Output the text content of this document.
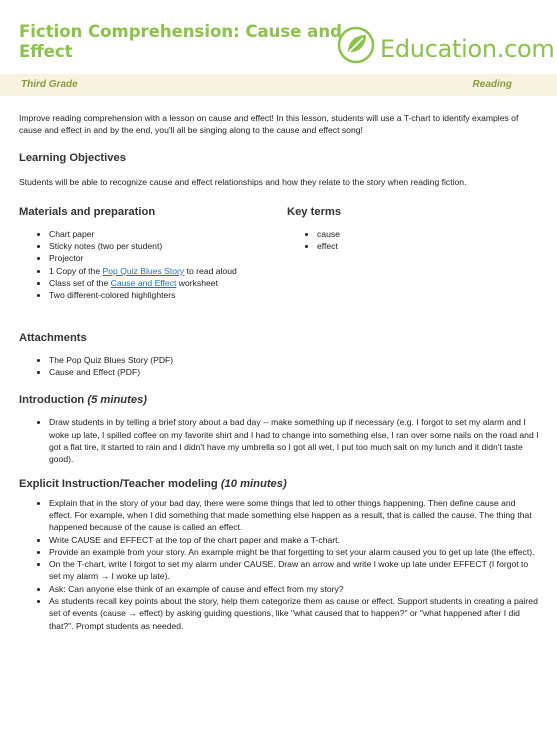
Fiction Comprehension: Cause and Effect	Education.com
Third Grade	Reading

Improve reading comprehension with a lesson on cause and effect! In this lesson, students will use a T-chart to identify examples of cause and effect in and by the end, you'll all be singing along to the cause and effect song!

Learning Objectives

Students will be able to recognize cause and effect relationships and how they relate to the story when reading fiction.

Materials and preparation
• Chart paper
• Sticky notes (two per student)
• Projector
• 1 Copy of the Pop Quiz Blues Story to read aloud
• Class set of the Cause and Effect worksheet
• Two different-colored highlighters
Key terms
• cause
• effect
Attachments
• The Pop Quiz Blues Story (PDF)
• Cause and Effect (PDF)
Introduction (5 minutes)
• Draw students in by telling a brief story about a bad day -- make something up if necessary (e.g. I forgot to set my alarm and I woke up late, I spilled coffee on my favorite shirt and I had to change into something else, I ran over some nails on the road and I got a flat tire, it started to rain and I didn't have my umbrella so I got all wet, I put too much salt on my lunch and it didn't taste good).
Explicit Instruction/Teacher modeling (10 minutes)
• Explain that in the story of your bad day, there were some things that led to other things happening. Then define cause and effect. For example, when I did something that made something else happen as a result, that is called the cause. The thing that happened because of the cause is called an effect.
• Write CAUSE and EFFECT at the top of the chart paper and make a T-chart.
• Provide an example from your story. An example might be that forgetting to set your alarm caused you to get up late (the effect).
• On the T-chart, write I forgot to set my alarm under CAUSE. Draw an arrow and write I woke up late under EFFECT (I forgot to set my alarm → I woke up late).
• Ask: Can anyone else think of an example of cause and effect from my story?
• As students recall key points about the story, help them categorize them as cause or effect. Support students in creating a paired set of events (cause → effect) by asking guiding questions, like "what caused that to happen?" or "what happened after I did that?". Prompt students as needed.
